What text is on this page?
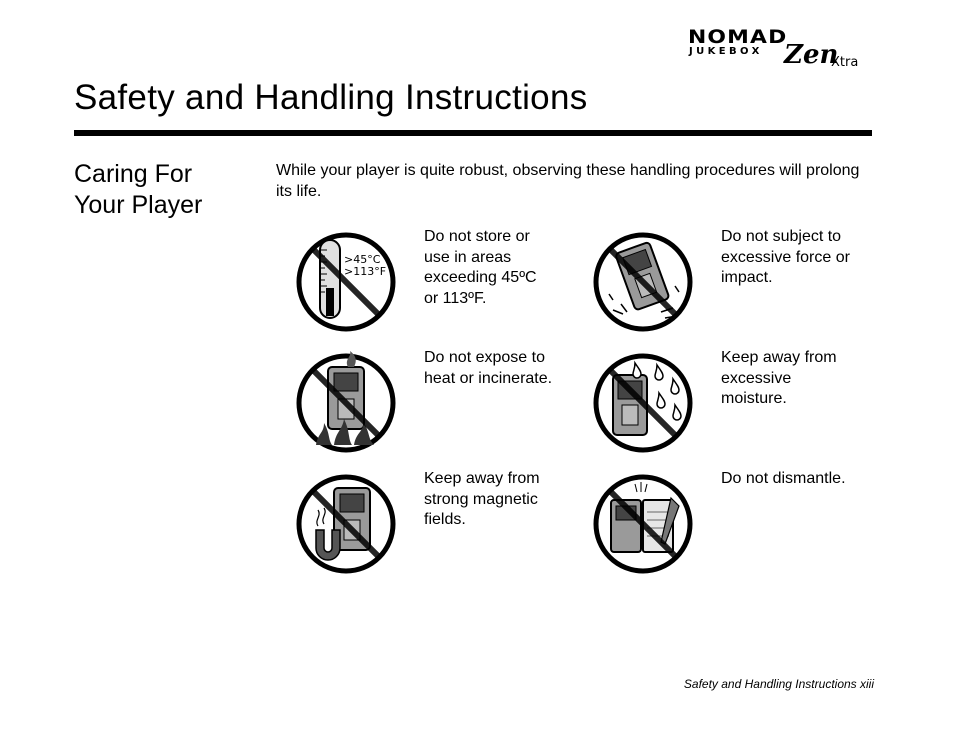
NOMAD
JUKEBOX Zen
Xtra
Safety and Handling Instructions
Caring For
Your Player
While your player is quite robust, observing these handling procedures will prolong its life.
>45°C
>113°F
Do not store or
use in areas
exceeding 45ºC
or 113ºF.
Do not subject to
excessive force or
impact.
Do not expose to
heat or incinerate.
Keep away from
excessive
moisture.
Keep away from
strong magnetic
fields.
Do not dismantle.
Safety and Handling Instructions xiii
